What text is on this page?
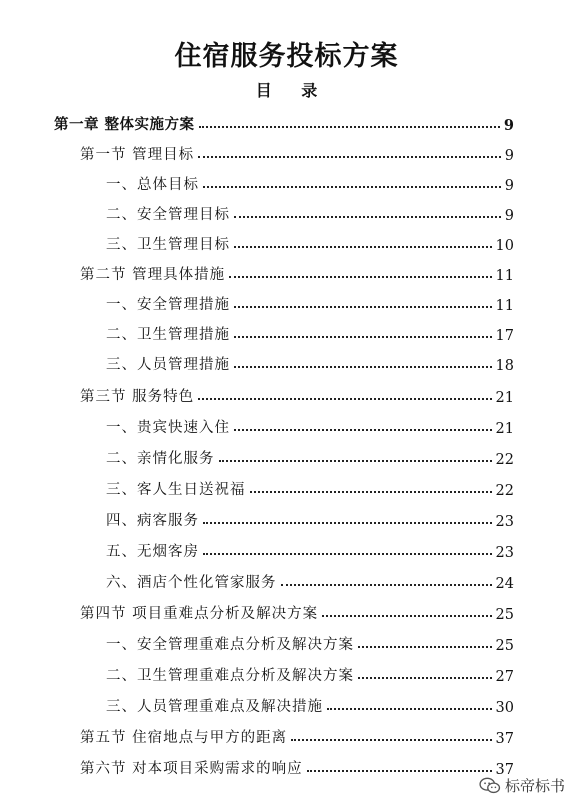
住宿服务投标方案
目 录
第一章 整体实施方案	9
第一节 管理目标	9
一、总体目标	9
二、安全管理目标	9
三、卫生管理目标	10
第二节 管理具体措施	11
一、安全管理措施	11
二、卫生管理措施	17
三、人员管理措施	18
第三节 服务特色	21
一、贵宾快速入住	21
二、亲情化服务	22
三、客人生日送祝福	22
四、病客服务	23
五、无烟客房	23
六、酒店个性化管家服务	24
第四节 项目重难点分析及解决方案	25
一、安全管理重难点分析及解决方案	25
二、卫生管理重难点分析及解决方案	27
三、人员管理重难点及解决措施	30
第五节 住宿地点与甲方的距离	37
第六节 对本项目采购需求的响应	37
标帝标书
